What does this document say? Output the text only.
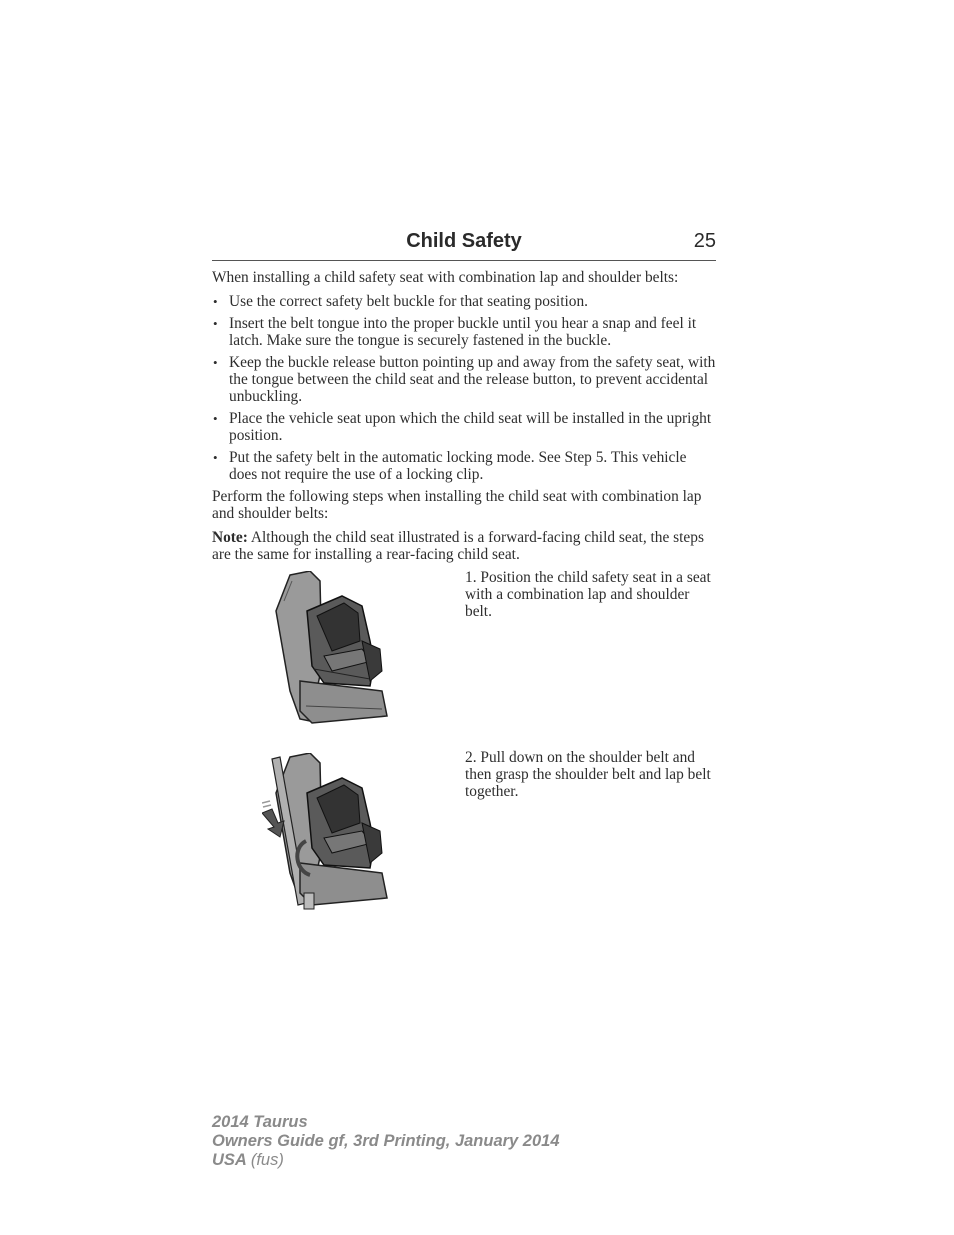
Child Safety	25

When installing a child safety seat with combination lap and shoulder belts:

• Use the correct safety belt buckle for that seating position.
• Insert the belt tongue into the proper buckle until you hear a snap and feel it latch. Make sure the tongue is securely fastened in the buckle.
• Keep the buckle release button pointing up and away from the safety seat, with the tongue between the child seat and the release button, to prevent accidental unbuckling.
• Place the vehicle seat upon which the child seat will be installed in the upright position.
• Put the safety belt in the automatic locking mode. See Step 5. This vehicle does not require the use of a locking clip.

Perform the following steps when installing the child seat with combination lap and shoulder belts:

Note: Although the child seat illustrated is a forward-facing child seat, the steps are the same for installing a rear-facing child seat.

1. Position the child safety seat in a seat with a combination lap and shoulder belt.

2. Pull down on the shoulder belt and then grasp the shoulder belt and lap belt together.

2014 Taurus
Owners Guide gf, 3rd Printing, January 2014
USA (fus)
